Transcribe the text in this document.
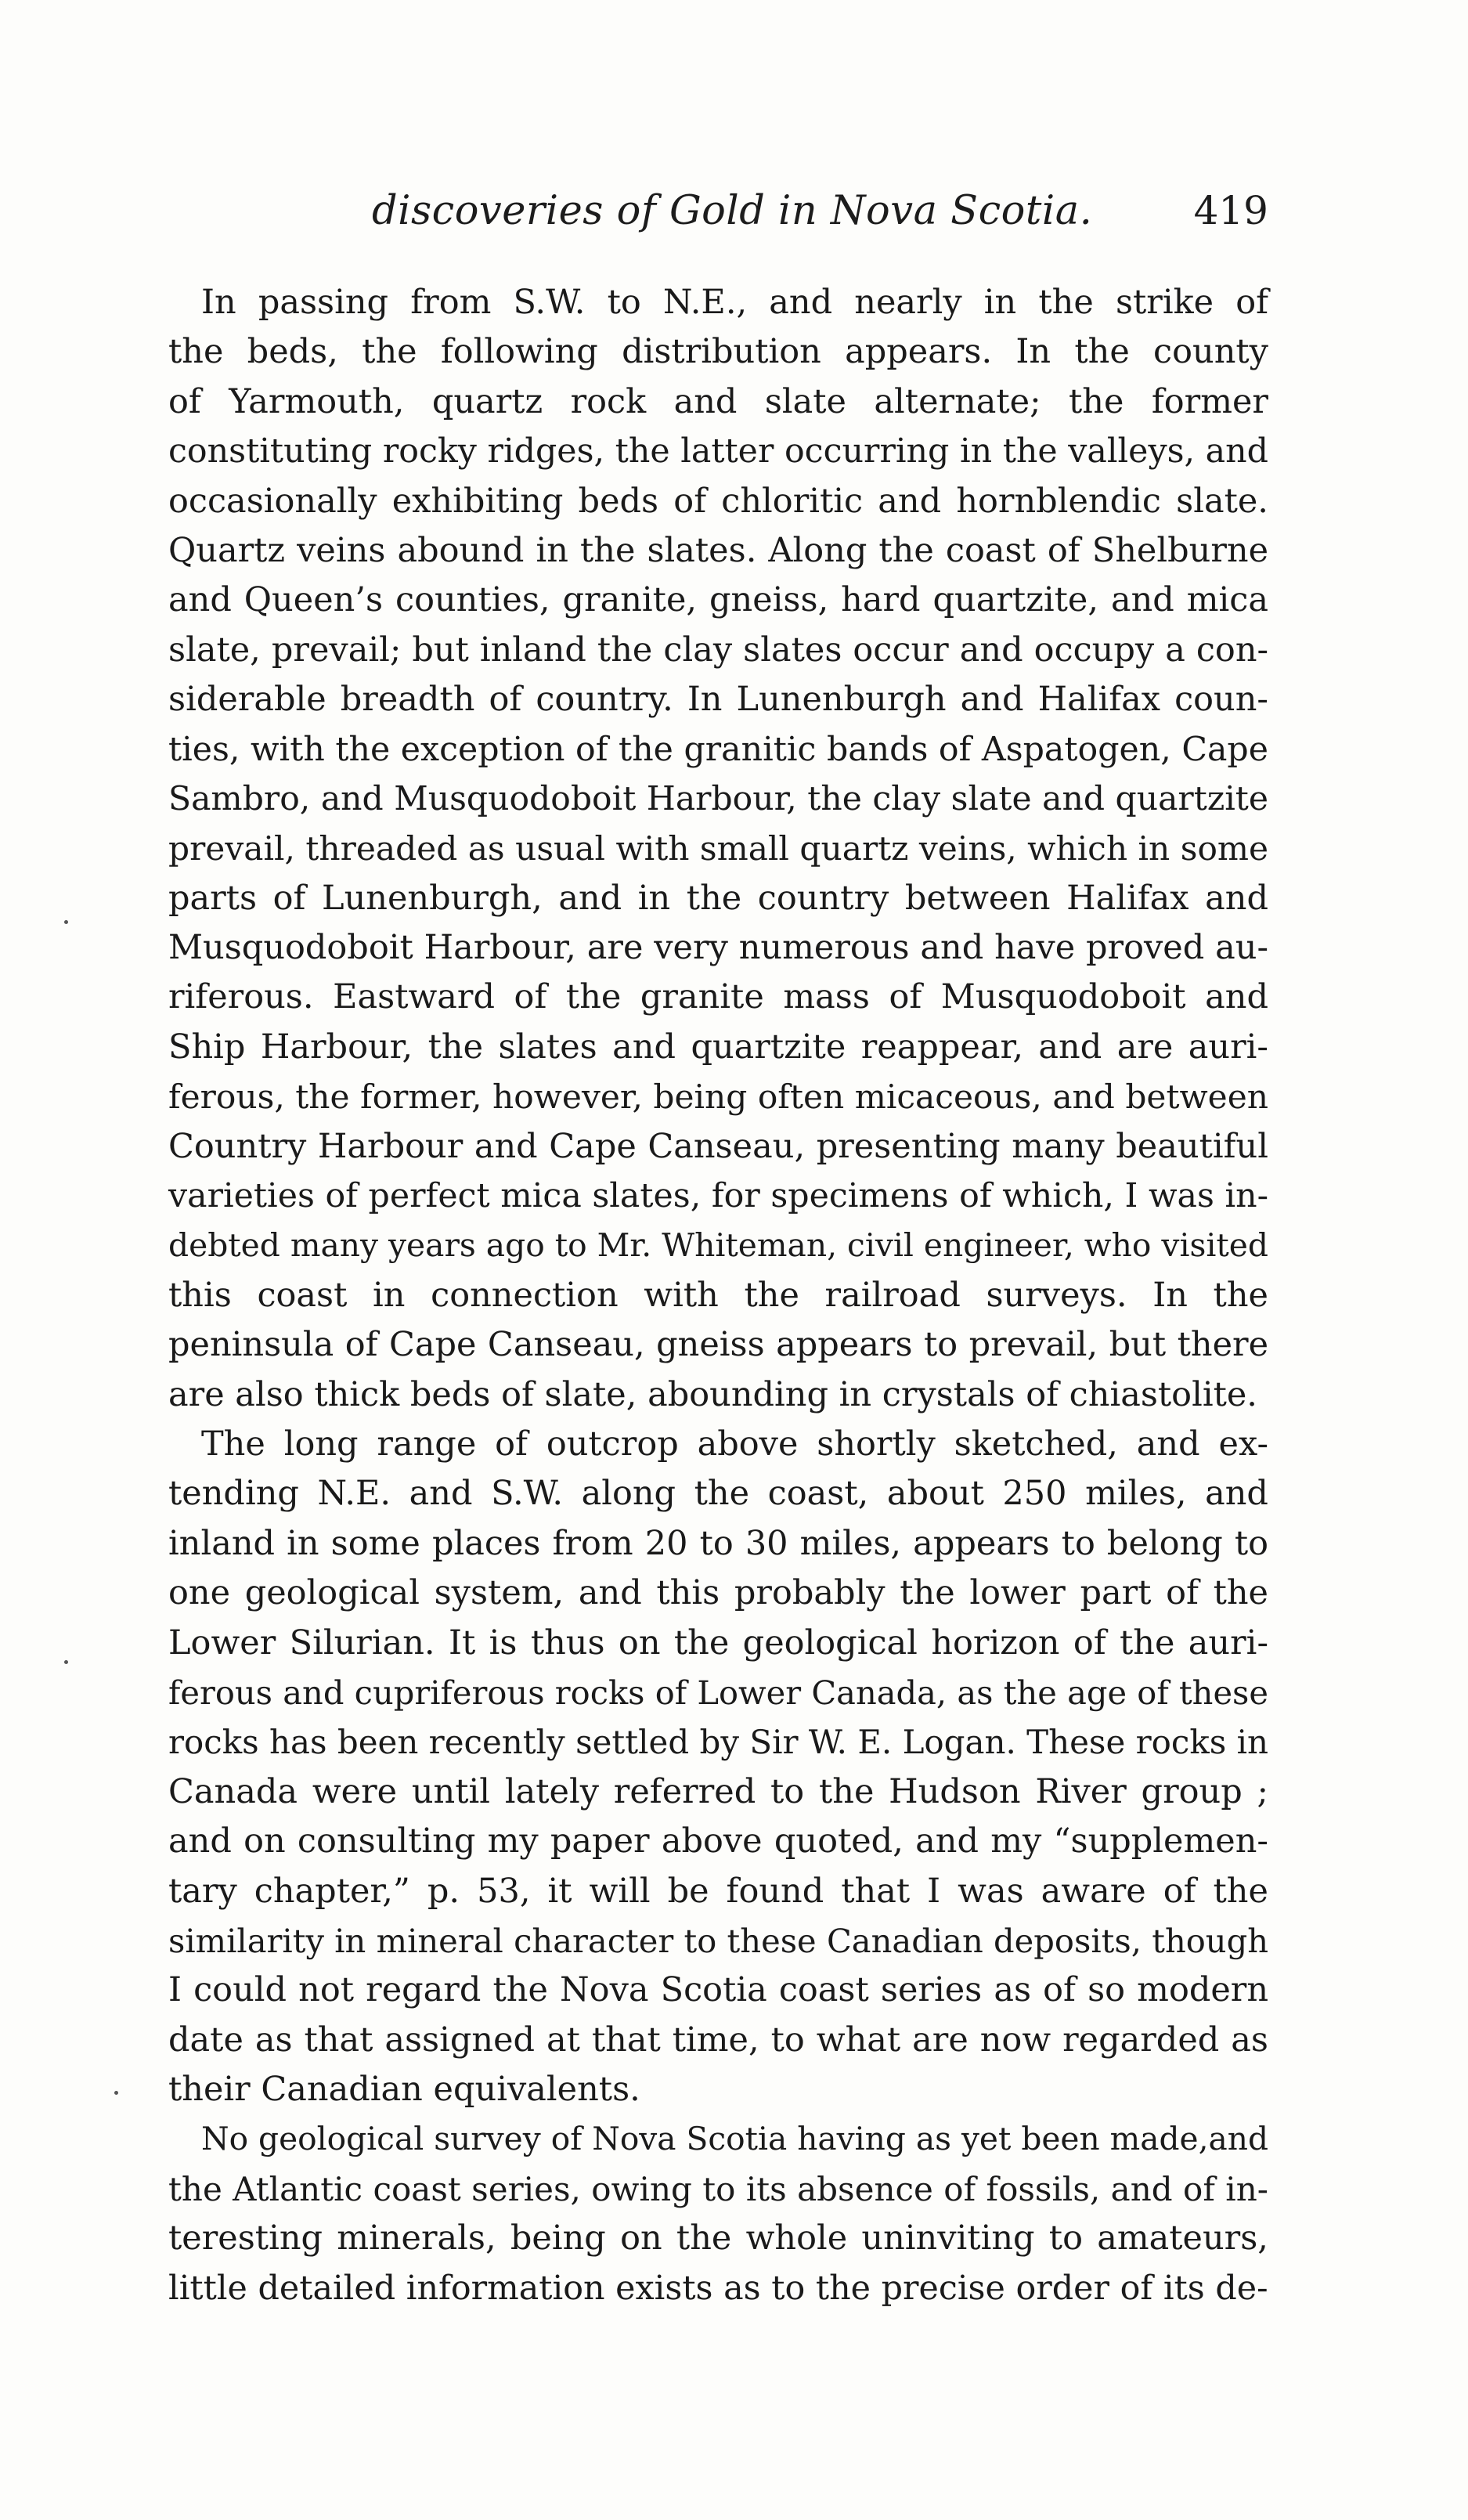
discoveries of Gold in Nova Scotia.	419
In passing from S.W. to N.E., and nearly in the strike of
the beds, the following distribution appears. In the county
of Yarmouth, quartz rock and slate alternate; the former
constituting rocky ridges, the latter occurring in the valleys, and
occasionally exhibiting beds of chloritic and hornblendic slate.
Quartz veins abound in the slates. Along the coast of Shelburne
and Queen’s counties, granite, gneiss, hard quartzite, and mica
slate, prevail; but inland the clay slates occur and occupy a con-
siderable breadth of country. In Lunenburgh and Halifax coun-
ties, with the exception of the granitic bands of Aspatogen, Cape
Sambro, and Musquodoboit Harbour, the clay slate and quartzite
prevail, threaded as usual with small quartz veins, which in some
parts of Lunenburgh, and in the country between Halifax and
Musquodoboit Harbour, are very numerous and have proved au-
riferous. Eastward of the granite mass of Musquodoboit and
Ship Harbour, the slates and quartzite reappear, and are auri-
ferous, the former, however, being often micaceous, and between
Country Harbour and Cape Canseau, presenting many beautiful
varieties of perfect mica slates, for specimens of which, I was in-
debted many years ago to Mr. Whiteman, civil engineer, who visited
this coast in connection with the railroad surveys. In the
peninsula of Cape Canseau, gneiss appears to prevail, but there
are also thick beds of slate, abounding in crystals of chiastolite.
The long range of outcrop above shortly sketched, and ex-
tending N.E. and S.W. along the coast, about 250 miles, and
inland in some places from 20 to 30 miles, appears to belong to
one geological system, and this probably the lower part of the
Lower Silurian. It is thus on the geological horizon of the auri-
ferous and cupriferous rocks of Lower Canada, as the age of these
rocks has been recently settled by Sir W. E. Logan. These rocks in
Canada were until lately referred to the Hudson River group ;
and on consulting my paper above quoted, and my “supplemen-
tary chapter,” p. 53, it will be found that I was aware of the
similarity in mineral character to these Canadian deposits, though
I could not regard the Nova Scotia coast series as of so modern
date as that assigned at that time, to what are now regarded as
their Canadian equivalents.
No geological survey of Nova Scotia having as yet been made,and
the Atlantic coast series, owing to its absence of fossils, and of in-
teresting minerals, being on the whole uninviting to amateurs,
little detailed information exists as to the precise order of its de-
